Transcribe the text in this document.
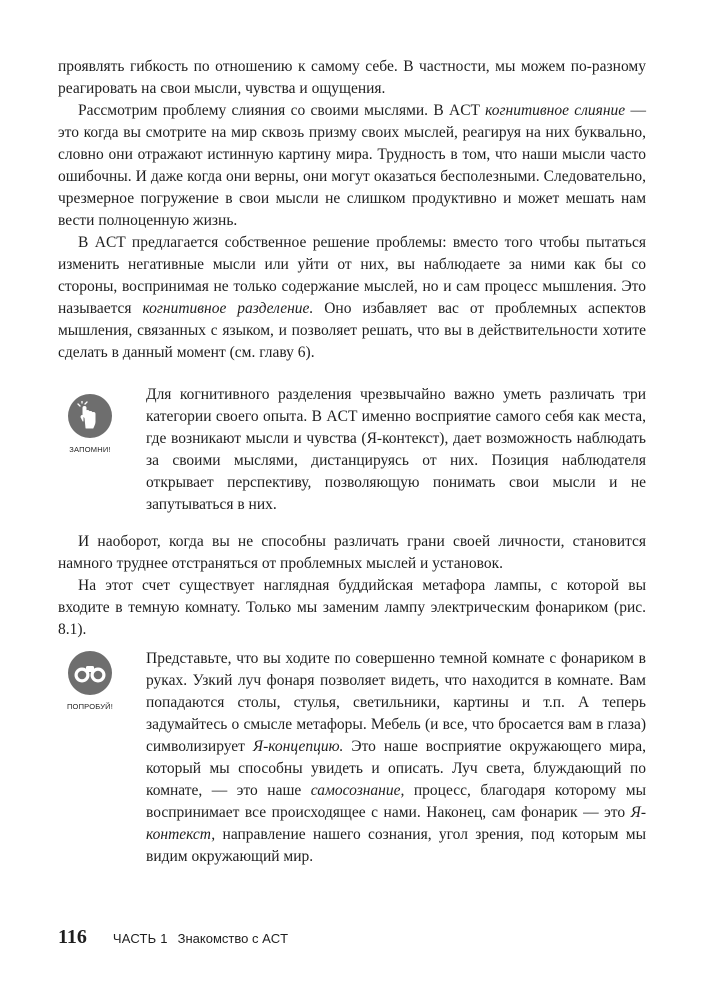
проявлять гибкость по отношению к самому себе. В частности, мы можем по-разному реагировать на свои мысли, чувства и ощущения.

Рассмотрим проблему слияния со своими мыслями. В ACT когнитивное слияние — это когда вы смотрите на мир сквозь призму своих мыслей, реагируя на них буквально, словно они отражают истинную картину мира. Трудность в том, что наши мысли часто ошибочны. И даже когда они верны, они могут оказаться бесполезными. Следовательно, чрезмерное погружение в свои мысли не слишком продуктивно и может мешать нам вести полноценную жизнь.

В ACT предлагается собственное решение проблемы: вместо того чтобы пытаться изменить негативные мысли или уйти от них, вы наблюдаете за ними как бы со стороны, воспринимая не только содержание мыслей, но и сам процесс мышления. Это называется когнитивное разделение. Оно избавляет вас от проблемных аспектов мышления, связанных с языком, и позволяет решать, что вы в действительности хотите сделать в данный момент (см. главу 6).

ЗАПОМНИ!

Для когнитивного разделения чрезвычайно важно уметь различать три категории своего опыта. В ACT именно восприятие самого себя как места, где возникают мысли и чувства (Я-контекст), дает возможность наблюдать за своими мыслями, дистанцируясь от них. Позиция наблюдателя открывает перспективу, позволяющую понимать свои мысли и не запутываться в них.

И наоборот, когда вы не способны различать грани своей личности, становится намного труднее отстраняться от проблемных мыслей и установок.

На этот счет существует наглядная буддийская метафора лампы, с которой вы входите в темную комнату. Только мы заменим лампу электрическим фонариком (рис. 8.1).

ПОПРОБУЙ!

Представьте, что вы ходите по совершенно темной комнате с фонариком в руках. Узкий луч фонаря позволяет видеть, что находится в комнате. Вам попадаются столы, стулья, светильники, картины и т.п. А теперь задумайтесь о смысле метафоры. Мебель (и все, что бросается вам в глаза) символизирует Я-концепцию. Это наше восприятие окружающего мира, который мы способны увидеть и описать. Луч света, блуждающий по комнате, — это наше самосознание, процесс, благодаря которому мы воспринимает все происходящее с нами. Наконец, сам фонарик — это Я-контекст, направление нашего сознания, угол зрения, под которым мы видим окружающий мир.

116 ЧАСТЬ 1 Знакомство с ACT
